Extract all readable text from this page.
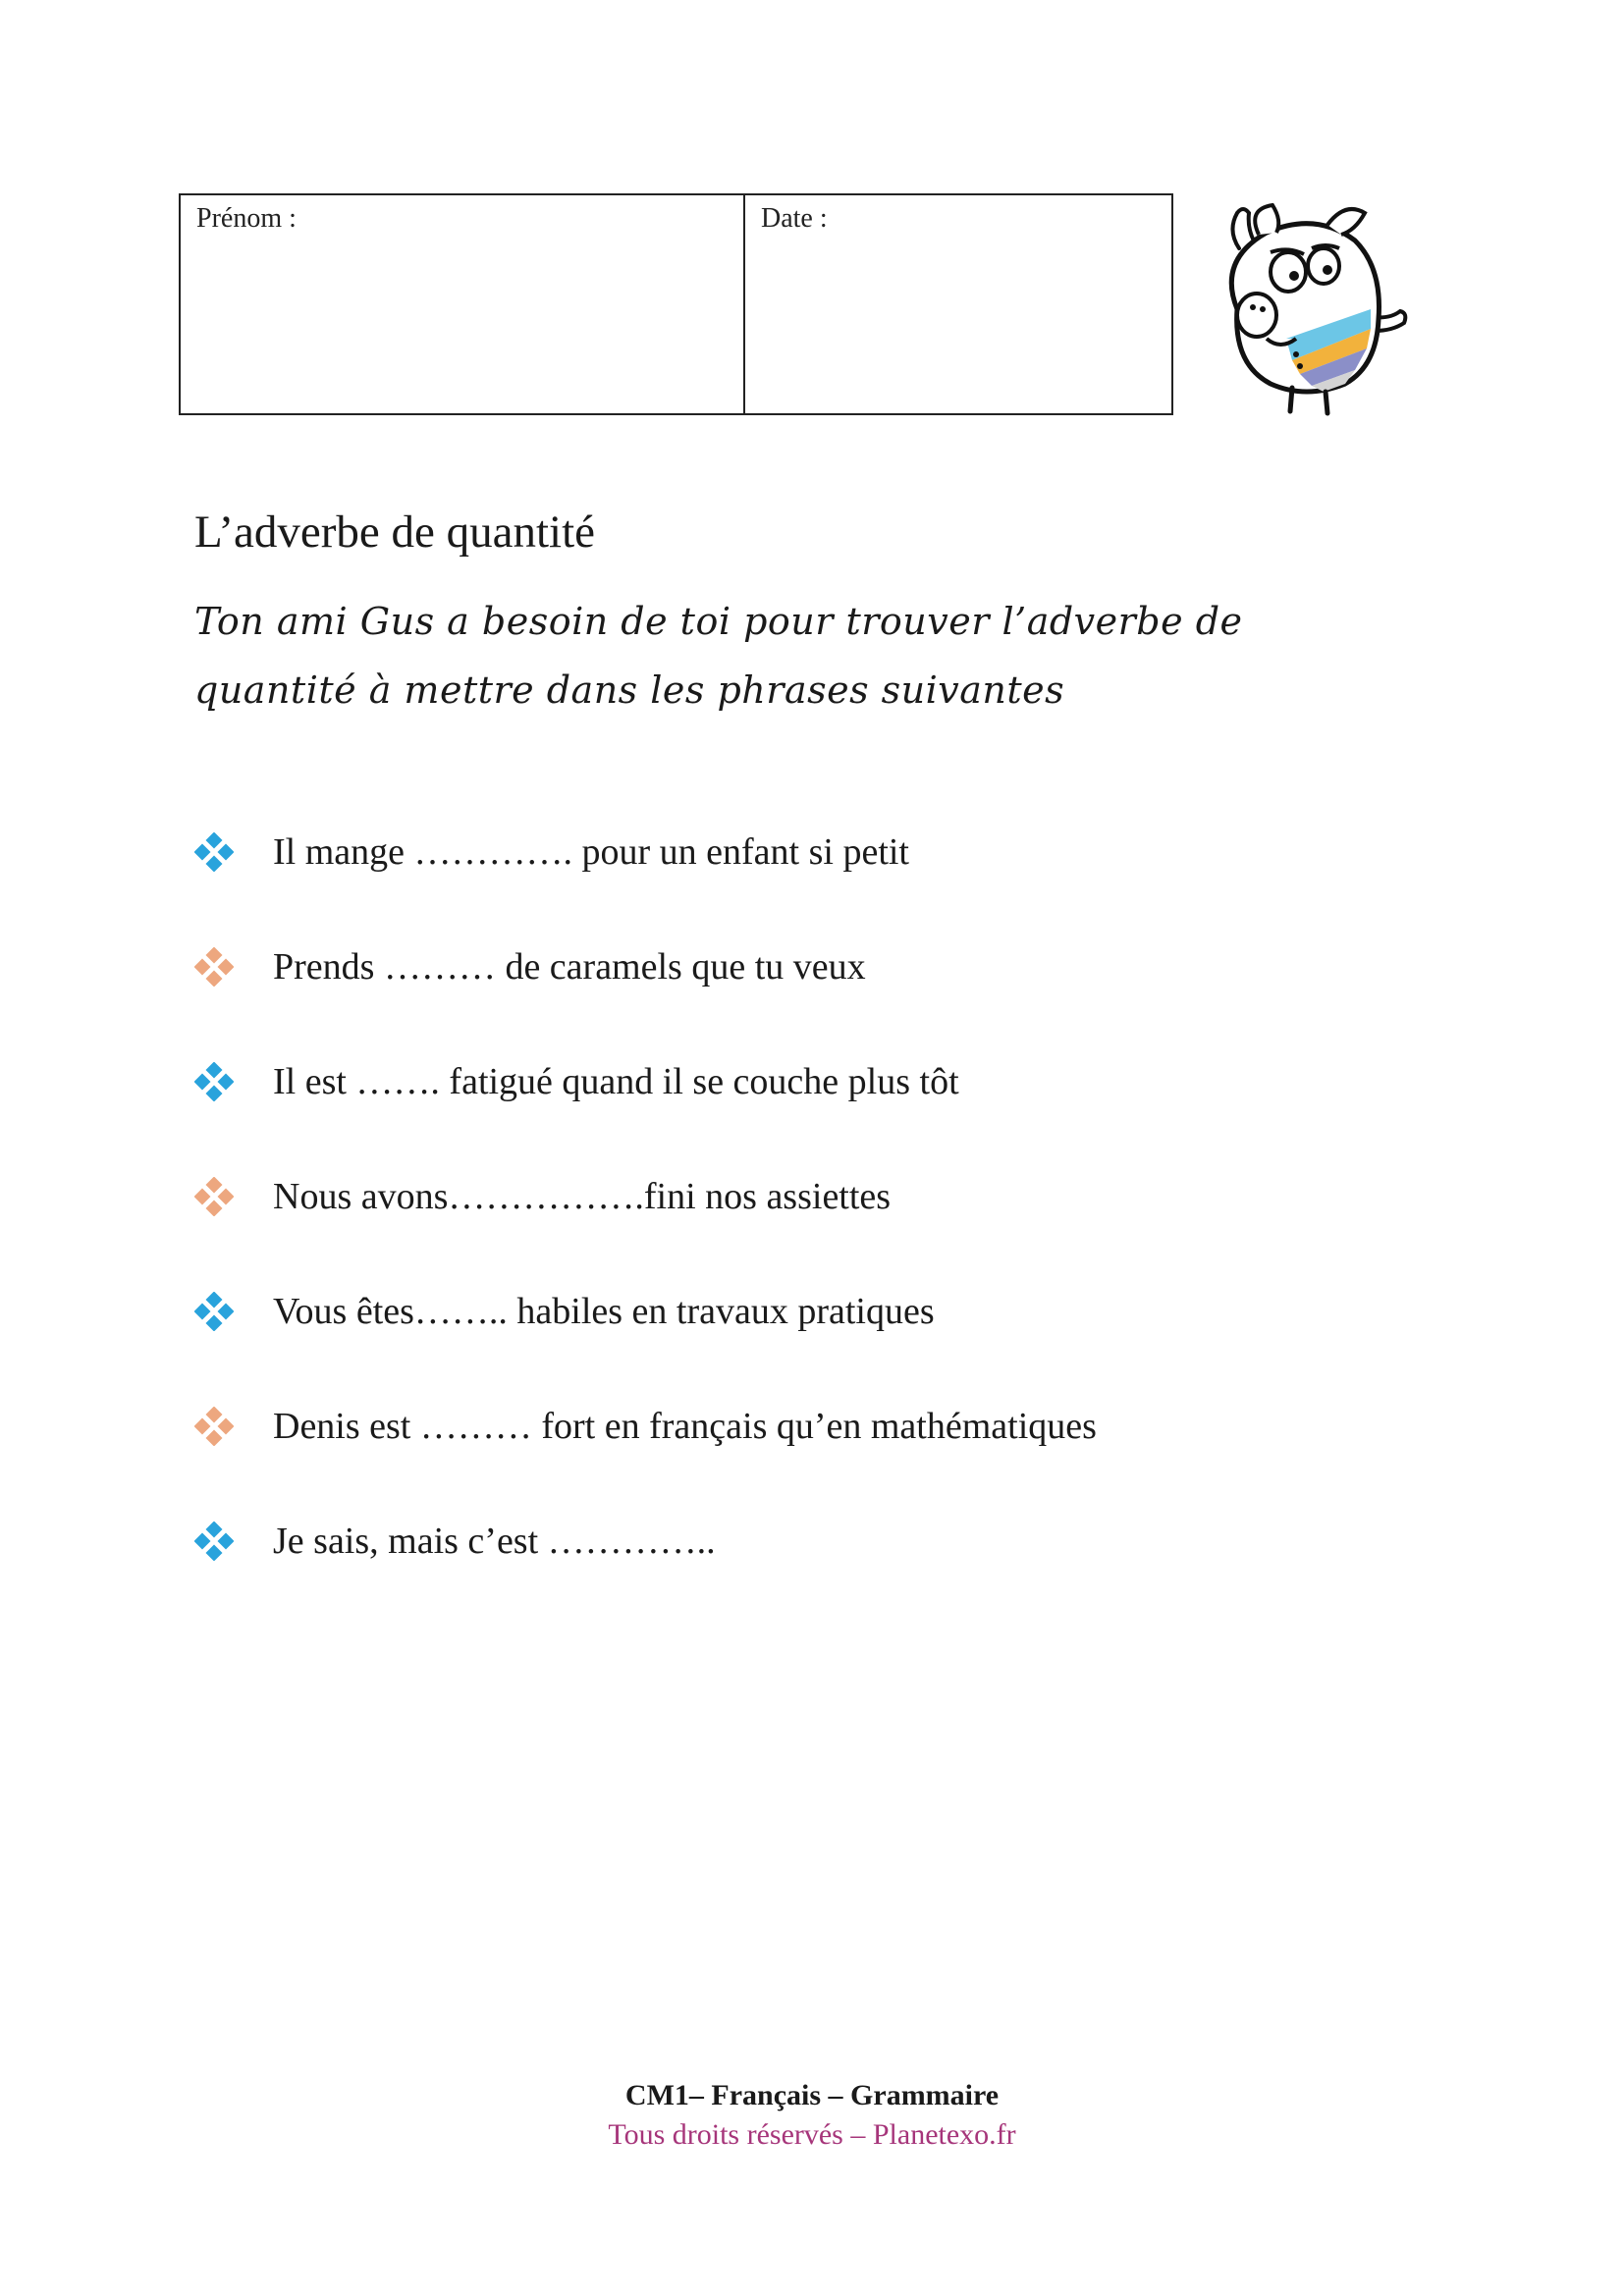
Prénom :	Date :
L’adverbe de quantité
Ton ami Gus a besoin de toi pour trouver l’adverbe de
quantité à mettre dans les phrases suivantes
Il mange …………. pour un enfant si petit
Prends ……… de caramels que tu veux
Il est ……. fatigué quand il se couche plus tôt
Nous avons…………….fini nos assiettes
Vous êtes…….. habiles en travaux pratiques
Denis est ……… fort en français qu’en mathématiques
Je sais, mais c’est …………..
CM1– Français – Grammaire
Tous droits réservés – Planetexo.fr
